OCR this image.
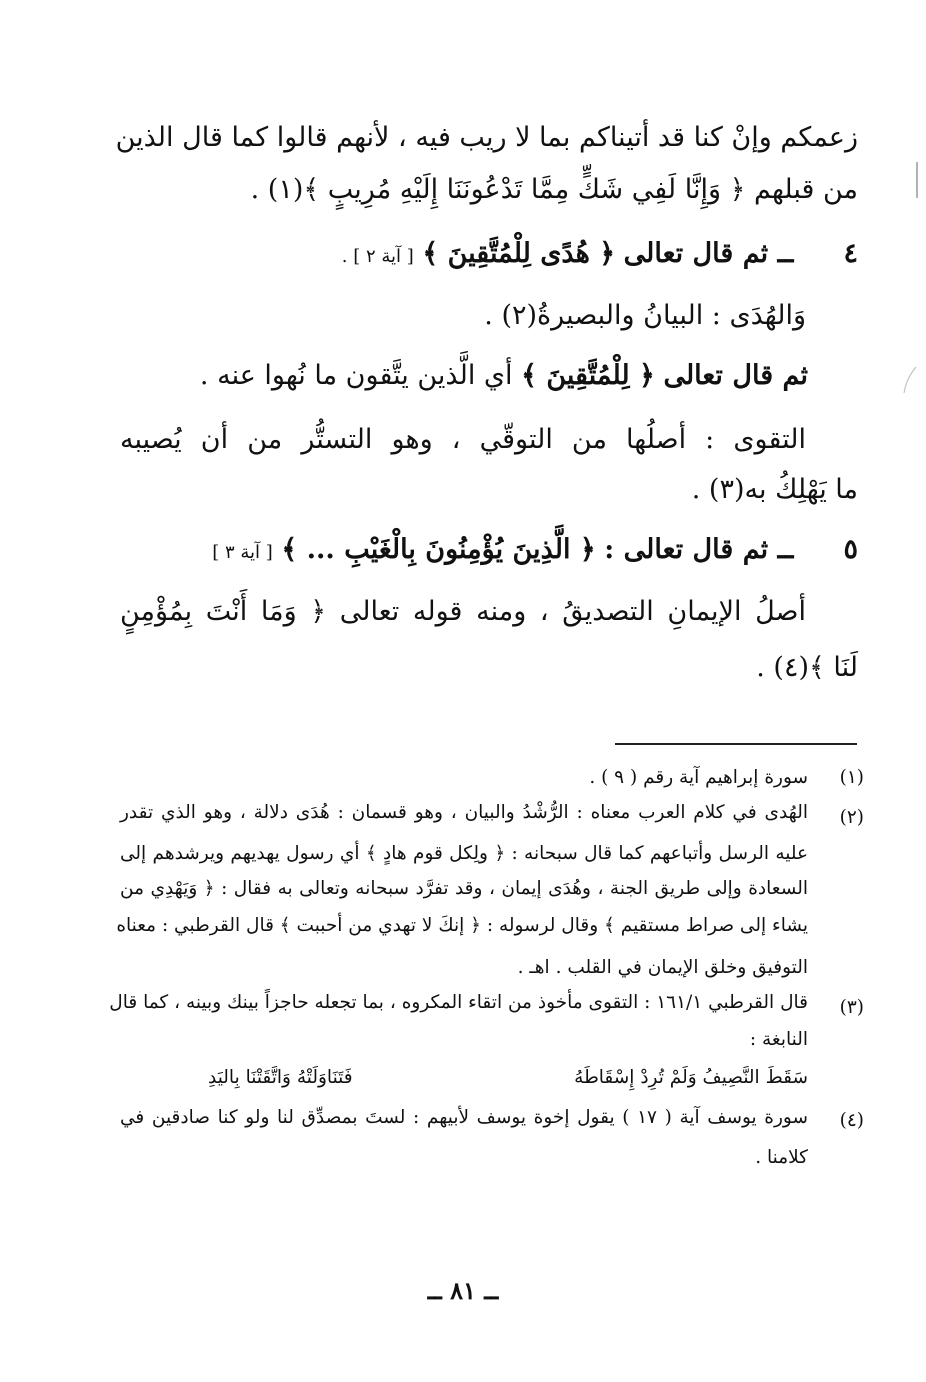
زعمكم وإنْ كنا قد أتيناكم بما لا ريب فيه ، لأنهم قالوا كما قال الذين
من قبلهم ﴿ وَإِنَّا لَفِي شَكٍّ مِمَّا تَدْعُونَنَا إِلَيْهِ مُرِيبٍ ﴾(١) .
٤ ــ ثم قال تعالى ﴿ هُدًى لِلْمُتَّقِينَ ﴾ [ آية ٢ ] .
وَالهُدَى : البيانُ والبصيرةُ(٢) .
ثم قال تعالى ﴿ لِلْمُتَّقِينَ ﴾ أي الَّذين يتَّقون ما نُهوا عنه .
التقوى : أصلُها من التوقّي ، وهو التستُّر من أن يُصيبه
ما يَهْلِكُ به(٣) .
٥ ــ ثم قال تعالى : ﴿ الَّذِينَ يُؤْمِنُونَ بِالْغَيْبِ ... ﴾ [ آية ٣ ]
أصلُ الإيمانِ التصديقُ ، ومنه قوله تعالى ﴿ وَمَا أَنْتَ بِمُؤْمِنٍ
لَنَا ﴾(٤) .
(١)
سورة إبراهيم آية رقم ( ٩ ) .
(٢)
الهُدى في كلام العرب معناه : الرُّشْدُ والبيان ، وهو قسمان : هُدَى دلالة ، وهو الذي تقدر
عليه الرسل وأتباعهم كما قال سبحانه : ﴿ ولِكل قوم هادٍ ﴾ أي رسول يهديهم ويرشدهم إلى
السعادة وإلى طريق الجنة ، وهُدَى إيمان ، وقد تفرَّد سبحانه وتعالى به فقال : ﴿ وَيَهْدِي من
يشاء إلى صراط مستقيم ﴾ وقال لرسوله : ﴿ إنكَ لا تهدي من أحببت ﴾ قال القرطبي : معناه
التوفيق وخلق الإيمان في القلب . اهـ .
(٣)
قال القرطبي ١٦١/١ : التقوى مأخوذ من اتقاء المكروه ، بما تجعله حاجزاً بينك وبينه ، كما قال
النابغة :
سَقَطَ النَّصِيفُ وَلَمْ تُرِدْ إِسْقَاطَهُ
فَتَنَاوَلَتْهُ وَاتَّقَتْنَا بِاليَدِ
(٤)
سورة يوسف آية ( ١٧ ) يقول إخوة يوسف لأبيهم : لستَ بمصدِّق لنا ولو كنا صادقين في
كلامنا .
ــ ٨١ ــ
